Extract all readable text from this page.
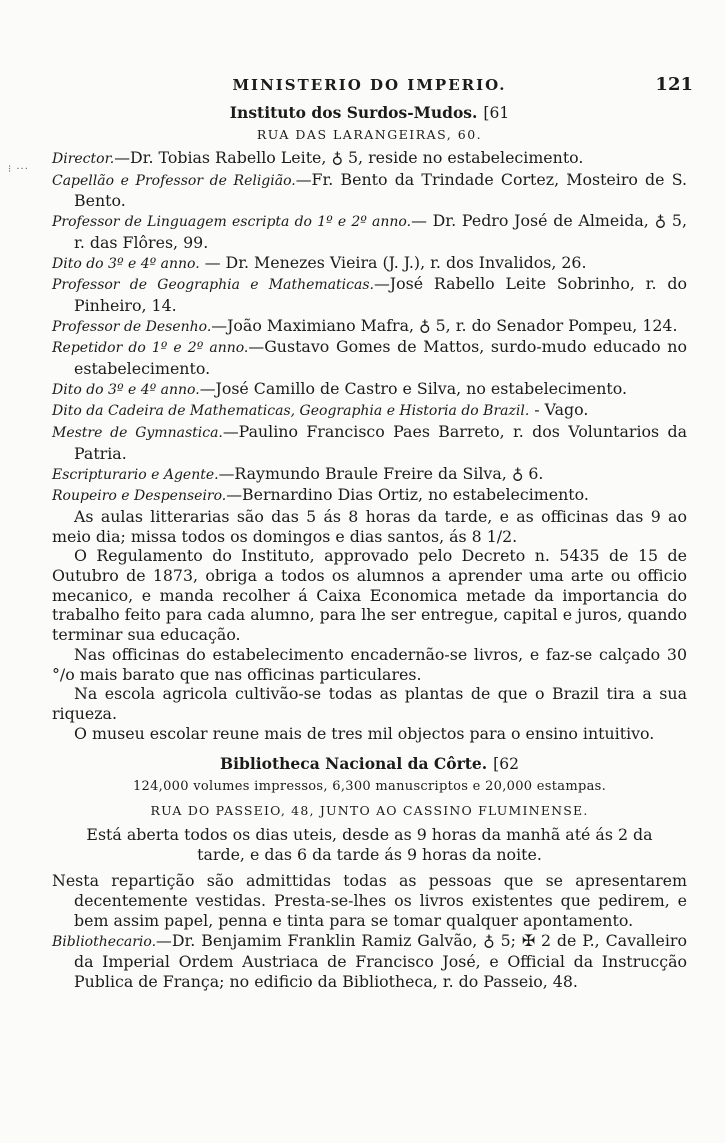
⁝ ···
MINISTERIO DO IMPERIO.	121
Instituto dos Surdos-Mudos. [61
RUA DAS LARANGEIRAS, 60.

Director.—Dr. Tobias Rabello Leite, ♁ 5, reside no estabelecimento.

Capellão e Professor de Religião.—Fr. Bento da Trindade Cortez, Mosteiro de S. Bento.

Professor de Linguagem escripta do 1º e 2º anno.— Dr. Pedro José de Almeida, ♁ 5, r. das Flôres, 99.

Dito do 3º e 4º anno. — Dr. Menezes Vieira (J. J.), r. dos Invalidos, 26.

Professor de Geographia e Mathematicas.—José Rabello Leite Sobrinho, r. do Pinheiro, 14.

Professor de Desenho.—João Maximiano Mafra, ♁ 5, r. do Senador Pompeu, 124.

Repetidor do 1º e 2º anno.—Gustavo Gomes de Mattos, surdo-mudo educado no estabelecimento.

Dito do 3º e 4º anno.—José Camillo de Castro e Silva, no estabelecimento.

Dito da Cadeira de Mathematicas, Geographia e Historia do Brazil. - Vago.

Mestre de Gymnastica.—Paulino Francisco Paes Barreto, r. dos Voluntarios da Patria.

Escripturario e Agente.—Raymundo Braule Freire da Silva, ♁ 6.

Roupeiro e Despenseiro.—Bernardino Dias Ortiz, no estabelecimento.

As aulas litterarias são das 5 ás 8 horas da tarde, e as officinas das 9 ao meio dia; missa todos os domingos e dias santos, ás 8 1/2.

O Regulamento do Instituto, approvado pelo Decreto n. 5435 de 15 de Outubro de 1873, obriga a todos os alumnos a aprender uma arte ou officio mecanico, e manda recolher á Caixa Economica metade da importancia do trabalho feito para cada alumno, para lhe ser entregue, capital e juros, quando terminar sua educação.

Nas officinas do estabelecimento encadernão-se livros, e faz-se calçado 30 °/o mais barato que nas officinas particulares.

Na escola agricola cultivão-se todas as plantas de que o Brazil tira a sua riqueza.

O museu escolar reune mais de tres mil objectos para o ensino intuitivo.

Bibliotheca Nacional da Côrte. [62
124,000 volumes impressos, 6,300 manuscriptos e 20,000 estampas.
RUA DO PASSEIO, 48, JUNTO AO CASSINO FLUMINENSE.
Está aberta todos os dias uteis, desde as 9 horas da manhã até ás 2 da tarde, e das 6 da tarde ás 9 horas da noite.

Nesta repartição são admittidas todas as pessoas que se apresentarem decentemente vestidas. Presta-se-lhes os livros existentes que pedirem, e bem assim papel, penna e tinta para se tomar qualquer apontamento.

Bibliothecario.—Dr. Benjamim Franklin Ramiz Galvão, ♁ 5; ✠ 2 de P., Cavalleiro da Imperial Ordem Austriaca de Francisco José, e Official da Instrucção Publica de França; no edificio da Bibliotheca, r. do Passeio, 48.
